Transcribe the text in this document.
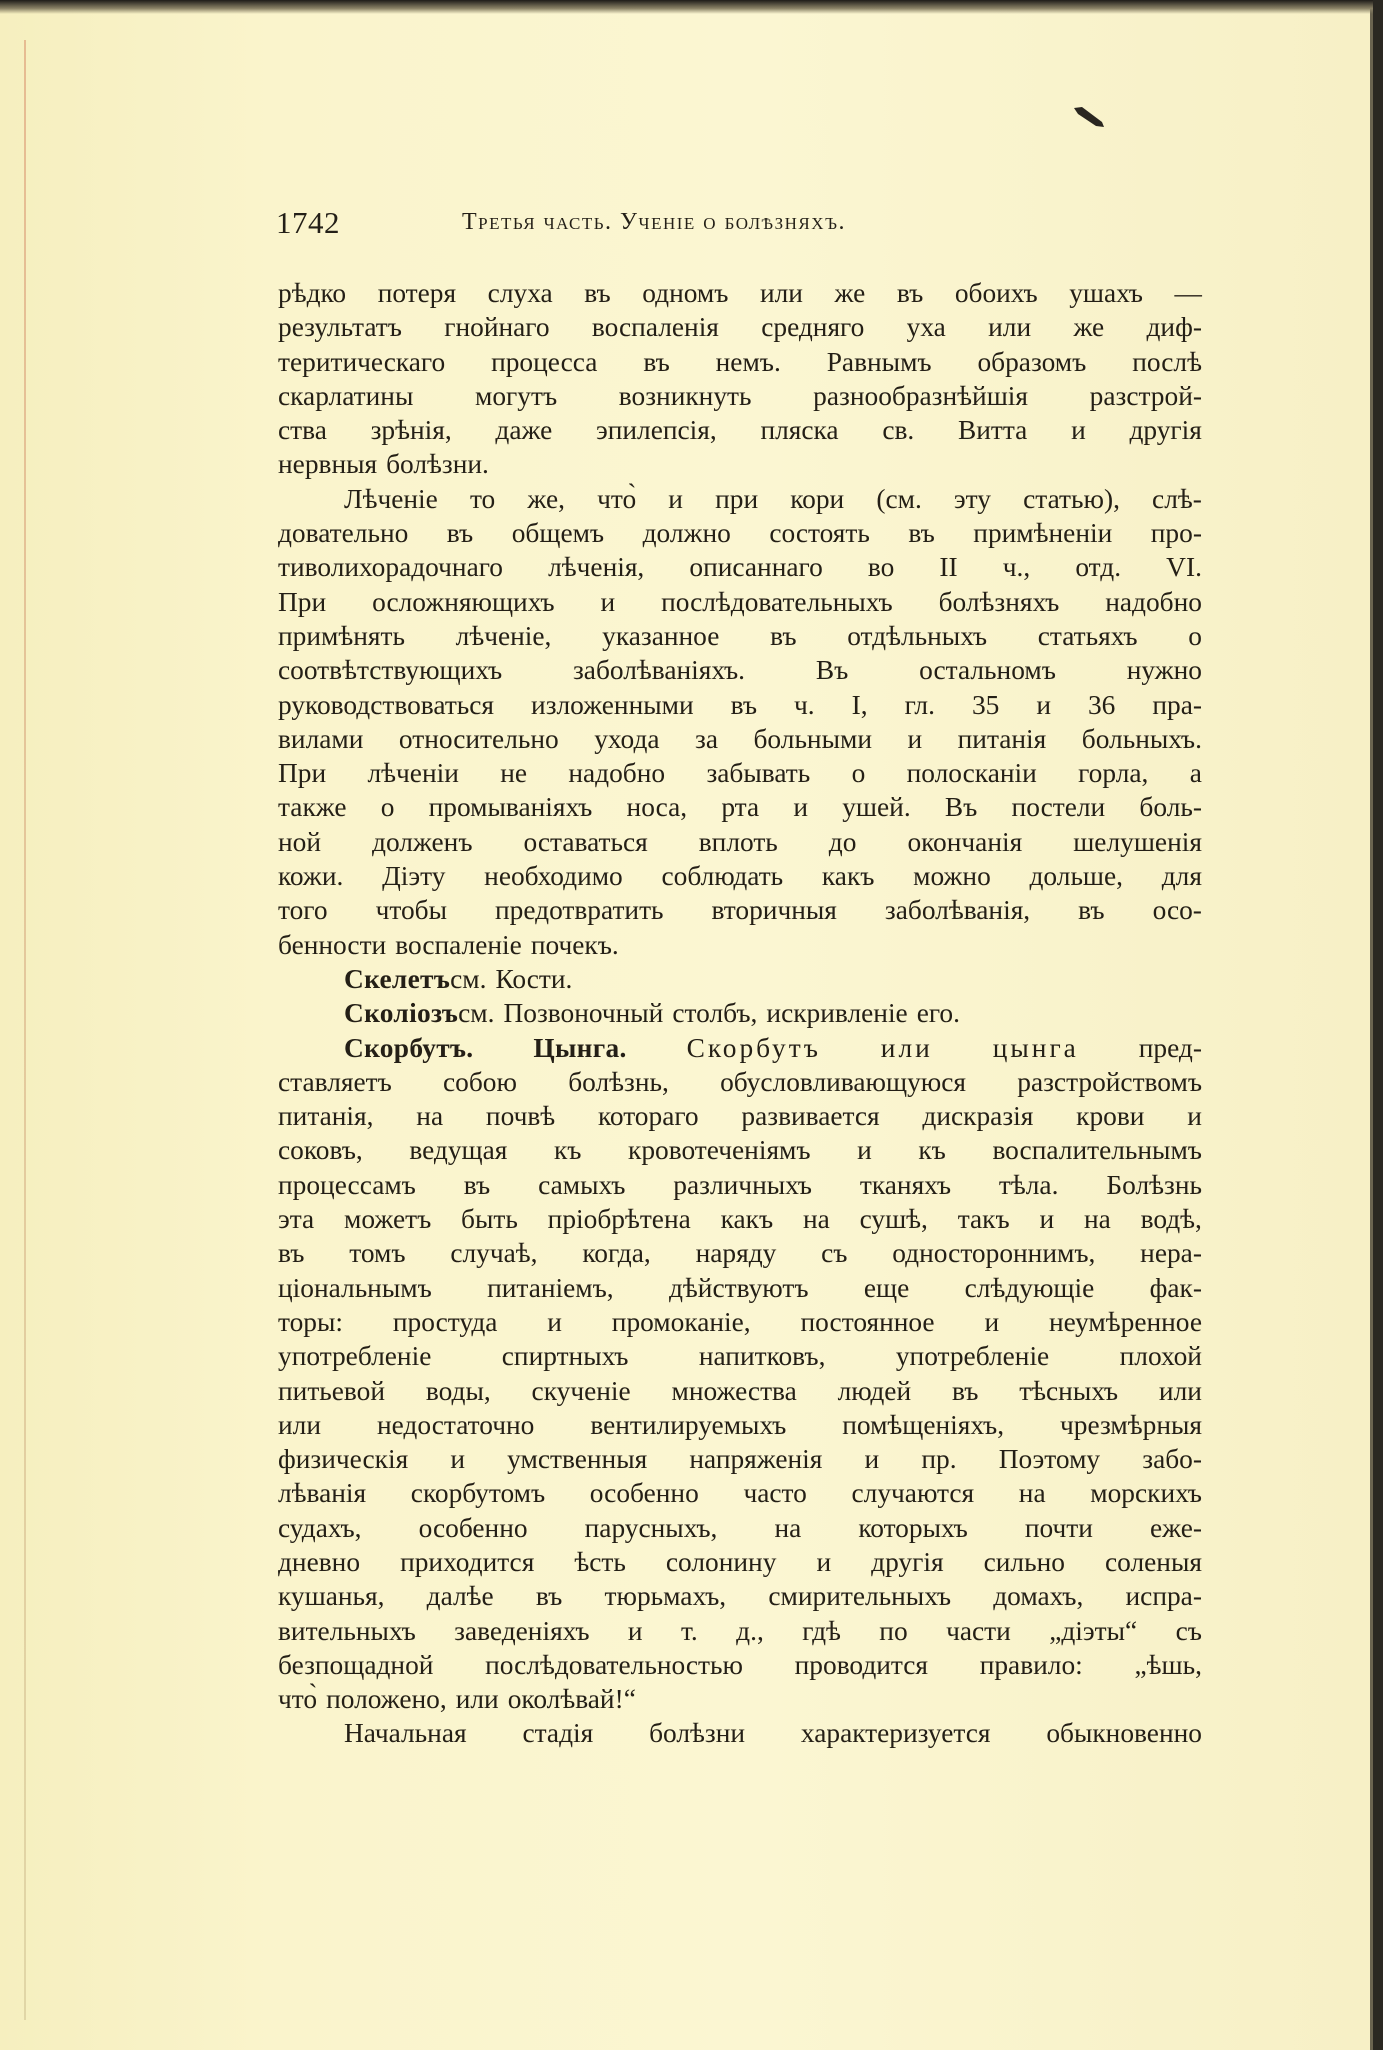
1742	Третья часть. Ученіе о болѣзняхъ.
рѣдко потеря слуха въ одномъ или же въ обоихъ ушахъ —
результатъ гнойнаго воспаленія средняго уха или же диф-
теритическаго процесса въ немъ. Равнымъ образомъ послѣ
скарлатины могутъ возникнуть разнообразнѣйшія разстрой-
ства зрѣнія, даже эпилепсія, пляска св. Витта и другія
нервныя болѣзни.
Лѣченіе то же, что̀ и при кори (см. эту статью), слѣ-
довательно въ общемъ должно состоять въ примѣненіи про-
тиволихорадочнаго лѣченія, описаннаго во II ч., отд. VI.
При осложняющихъ и послѣдовательныхъ болѣзняхъ надобно
примѣнять лѣченіе, указанное въ отдѣльныхъ статьяхъ о
соотвѣтствующихъ	заболѣваніяхъ.	Въ	остальномъ	нужно
руководствоваться изложенными въ ч. I, гл. 35 и 36 пра-
вилами относительно ухода за больными и питанія больныхъ.
При лѣченіи не надобно забывать о полосканіи горла, а
также о промываніяхъ носа, рта и ушей. Въ постели боль-
ной долженъ оставаться вплоть до окончанія шелушенія
кожи. Діэту необходимо соблюдать какъ можно дольше, для
того чтобы предотвратить вторичныя заболѣванія, въ осо-
бенности воспаленіе почекъ.
Скелетъ см. Кости.
Сколіозъ см. Позвоночный столбъ, искривленіе его.
Скорбутъ. Цынга. Скорбутъ или цынга пред-
ставляетъ собою болѣзнь, обусловливающуюся разстройствомъ
питанія, на почвѣ котораго развивается дискразія крови и
соковъ, ведущая къ кровотеченіямъ и къ воспалительнымъ
процессамъ въ самыхъ различныхъ тканяхъ тѣла. Болѣзнь
эта можетъ быть пріобрѣтена какъ на сушѣ, такъ и на водѣ,
въ томъ случаѣ, когда, наряду съ одностороннимъ, нера-
ціональнымъ питаніемъ, дѣйствуютъ еще слѣдующіе фак-
торы: простуда и промоканіе, постоянное и неумѣренное
употребленіе	спиртныхъ	напитковъ,	употребленіе	плохой
питьевой воды, скученіе множества людей въ тѣсныхъ или
или недостаточно вентилируемыхъ помѣщеніяхъ, чрезмѣрныя
физическія и умственныя напряженія и пр. Поэтому забо-
лѣванія скорбутомъ особенно часто случаются на морскихъ
судахъ, особенно парусныхъ, на которыхъ почти еже-
дневно приходится ѣсть солонину и другія сильно соленыя
кушанья, далѣе въ тюрьмахъ, смирительныхъ домахъ, испра-
вительныхъ заведеніяхъ и т. д., гдѣ по части „діэты“ съ
безпощадной послѣдовательностью проводится правило: „ѣшь,
что̀ положено, или околѣвай!“
Начальная стадія болѣзни характеризуется обыкновенно
